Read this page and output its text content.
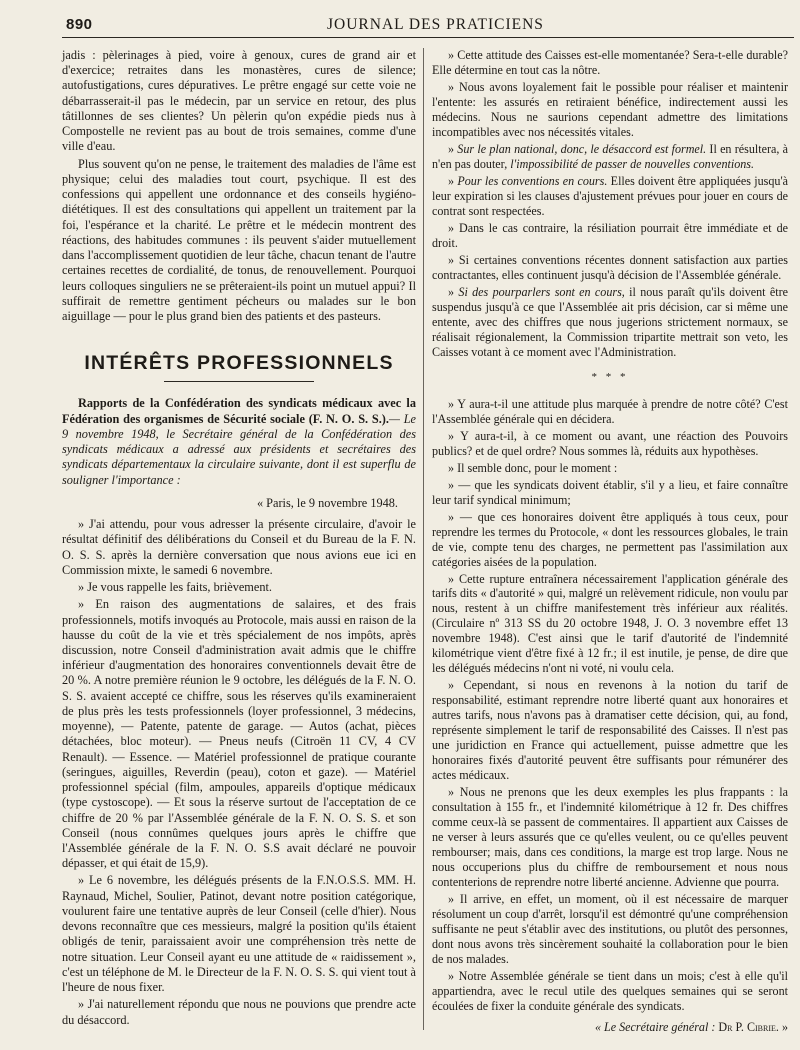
890	JOURNAL DES PRATICIENS

jadis : pèlerinages à pied, voire à genoux, cures de grand air et d'exercice; retraites dans les monastères, cures de silence; autofustigations, cures dépuratives. Le prêtre engagé sur cette voie ne débarrasserait-il pas le médecin, par un service en retour, des plus tâtillonnes de ses clientes? Un pèlerin qu'on expédie pieds nus à Compostelle ne revient pas au bout de trois semaines, comme d'une ville d'eau.

Plus souvent qu'on ne pense, le traitement des maladies de l'âme est physique; celui des maladies tout court, psychique. Il est des confessions qui appellent une ordonnance et des conseils hygiéno-diététiques. Il est des consultations qui appellent un traitement par la foi, l'espérance et la charité. Le prêtre et le médecin montrent des réactions, des habitudes communes : ils peuvent s'aider mutuellement dans l'accomplissement quotidien de leur tâche, chacun tenant de l'autre certaines recettes de cordialité, de tonus, de renouvellement. Pourquoi leurs colloques singuliers ne se prêteraient-ils point un mutuel appui? Il suffirait de remettre gentiment pécheurs ou malades sur le bon aiguillage — pour le plus grand bien des patients et des pasteurs.

INTÉRÊTS PROFESSIONNELS

Rapports de la Confédération des syndicats médicaux avec la Fédération des organismes de Sécurité sociale (F. N. O. S. S.).— Le 9 novembre 1948, le Secrétaire général de la Confédération des syndicats médicaux a adressé aux présidents et secrétaires des syndicats départementaux la circulaire suivante, dont il est superflu de souligner l'importance :

« Paris, le 9 novembre 1948.

» J'ai attendu, pour vous adresser la présente circulaire, d'avoir le résultat définitif des délibérations du Conseil et du Bureau de la F. N. O. S. S. après la dernière conversation que nous avions eue ici en Commission mixte, le samedi 6 novembre.

» Je vous rappelle les faits, brièvement.

» En raison des augmentations de salaires, et des frais professionnels, motifs invoqués au Protocole, mais aussi en raison de la hausse du coût de la vie et très spécialement de nos impôts, après discussion, notre Conseil d'administration avait admis que le chiffre inférieur d'augmentation des honoraires conventionnels devait être de 20 %. A notre première réunion le 9 octobre, les délégués de la F. N. O. S. S. avaient accepté ce chiffre, sous les réserves qu'ils examineraient de plus près les tests professionnels (loyer professionnel, 3 médecins, moyenne), — Patente, patente de garage. — Autos (achat, pièces détachées, bloc moteur). — Pneus neufs (Citroën 11 CV, 4 CV Renault). — Essence. — Matériel professionnel de pratique courante (seringues, aiguilles, Reverdin (peau), coton et gaze). — Matériel professionnel spécial (film, ampoules, appareils d'optique médicaux (type cystoscope). — Et sous la réserve surtout de l'acceptation de ce chiffre de 20 % par l'Assemblée générale de la F. N. O. S. S. et son Conseil (nous connûmes quelques jours après le chiffre que l'Assemblée générale de la F. N. O. S.S avait déclaré ne pouvoir dépasser, et qui était de 15,9).

» Le 6 novembre, les délégués présents de la F.N.O.S.S. MM. H. Raynaud, Michel, Soulier, Patinot, devant notre position catégorique, voulurent faire une tentative auprès de leur Conseil (celle d'hier). Nous devons reconnaître que ces messieurs, malgré la position qu'ils étaient obligés de tenir, paraissaient avoir une compréhension très nette de notre situation. Leur Conseil ayant eu une attitude de « raidissement », c'est un téléphone de M. le Directeur de la F. N. O. S. S. qui vient tout à l'heure de nous fixer.

» J'ai naturellement répondu que nous ne pouvions que prendre acte du désaccord.

» Cette attitude des Caisses est-elle momentanée? Sera-t-elle durable? Elle détermine en tout cas la nôtre.

» Nous avons loyalement fait le possible pour réaliser et maintenir l'entente: les assurés en retiraient bénéfice, indirectement aussi les médecins. Nous ne saurions cependant admettre des limitations incompatibles avec nos nécessités vitales.

» Sur le plan national, donc, le désaccord est formel. Il en résultera, à n'en pas douter, l'impossibilité de passer de nouvelles conventions.

» Pour les conventions en cours. Elles doivent être appliquées jusqu'à leur expiration si les clauses d'ajustement prévues pour jouer en cours de contrat sont respectées.

» Dans le cas contraire, la résiliation pourrait être immédiate et de droit.

» Si certaines conventions récentes donnent satisfaction aux parties contractantes, elles continuent jusqu'à décision de l'Assemblée générale.

» Si des pourparlers sont en cours, il nous paraît qu'ils doivent être suspendus jusqu'à ce que l'Assemblée ait pris décision, car si même une entente, avec des chiffres que nous jugerions strictement normaux, se réalisait régionalement, la Commission tripartite mettrait son veto, les Caisses votant à ce moment avec l'Administration.

* * *

» Y aura-t-il une attitude plus marquée à prendre de notre côté? C'est l'Assemblée générale qui en décidera.

» Y aura-t-il, à ce moment ou avant, une réaction des Pouvoirs publics? et de quel ordre? Nous sommes là, réduits aux hypothèses.

» Il semble donc, pour le moment :

» — que les syndicats doivent établir, s'il y a lieu, et faire connaître leur tarif syndical minimum;

» — que ces honoraires doivent être appliqués à tous ceux, pour reprendre les termes du Protocole, « dont les ressources globales, le train de vie, compte tenu des charges, ne permettent pas l'assimilation aux catégories aisées de la population.

» Cette rupture entraînera nécessairement l'application générale des tarifs dits « d'autorité » qui, malgré un relèvement ridicule, non voulu par nous, restent à un chiffre manifestement très inférieur aux réalités. (Circulaire nº 313 SS du 20 octobre 1948, J. O. 3 novembre effet 13 novembre 1948). C'est ainsi que le tarif d'autorité de l'indemnité kilométrique vient d'être fixé à 12 fr.; il est inutile, je pense, de dire que les délégués médecins n'ont ni voté, ni voulu cela.

» Cependant, si nous en revenons à la notion du tarif de responsabilité, estimant reprendre notre liberté quant aux honoraires et autres tarifs, nous n'avons pas à dramatiser cette décision, qui, au fond, représente simplement le tarif de responsabilité des Caisses. Il n'est pas une juridiction en France qui actuellement, puisse admettre que les honoraires fixés d'autorité peuvent être suffisants pour rémunérer des actes médicaux.

» Nous ne prenons que les deux exemples les plus frappants : la consultation à 155 fr., et l'indemnité kilométrique à 12 fr. Des chiffres comme ceux-là se passent de commentaires. Il appartient aux Caisses de ne verser à leurs assurés que ce qu'elles veulent, ou ce qu'elles peuvent rembourser; mais, dans ces conditions, la marge est trop large. Nous ne nous occuperions plus du chiffre de remboursement et nous nous contenterions de reprendre notre liberté ancienne. Advienne que pourra.

» Il arrive, en effet, un moment, où il est nécessaire de marquer résolument un coup d'arrêt, lorsqu'il est démontré qu'une compréhension suffisante ne peut s'établir avec des institutions, ou plutôt des personnes, dont nous avons très sincèrement souhaité la collaboration pour le bien de nos malades.

» Notre Assemblée générale se tient dans un mois; c'est à elle qu'il appartiendra, avec le recul utile des quelques semaines qui se seront écoulées de fixer la conduite générale des syndicats.

« Le Secrétaire général : Dr P. Cibrie. »
